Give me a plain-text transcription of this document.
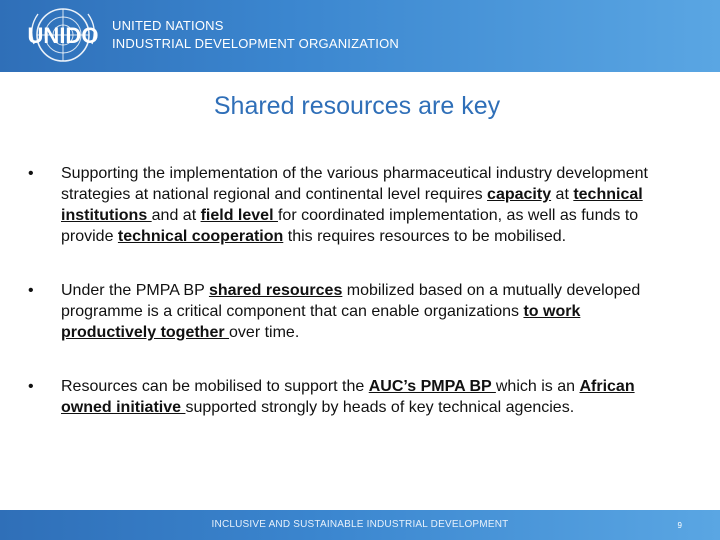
UNIDO UNITED NATIONS
INDUSTRIAL DEVELOPMENT ORGANIZATION
Shared resources are key
• Supporting the implementation of the various pharmaceutical industry development strategies at national regional and continental level requires capacity at technical institutions and at field level for coordinated implementation, as well as funds to provide technical cooperation this requires resources to be mobilised.
• Under the PMPA BP shared resources mobilized based on a mutually developed programme is a critical component that can enable organizations to work productively together over time.
• Resources can be mobilised to support the AUC’s PMPA BP which is an African owned initiative supported strongly by heads of key technical agencies.
INCLUSIVE AND SUSTAINABLE INDUSTRIAL DEVELOPMENT	9
